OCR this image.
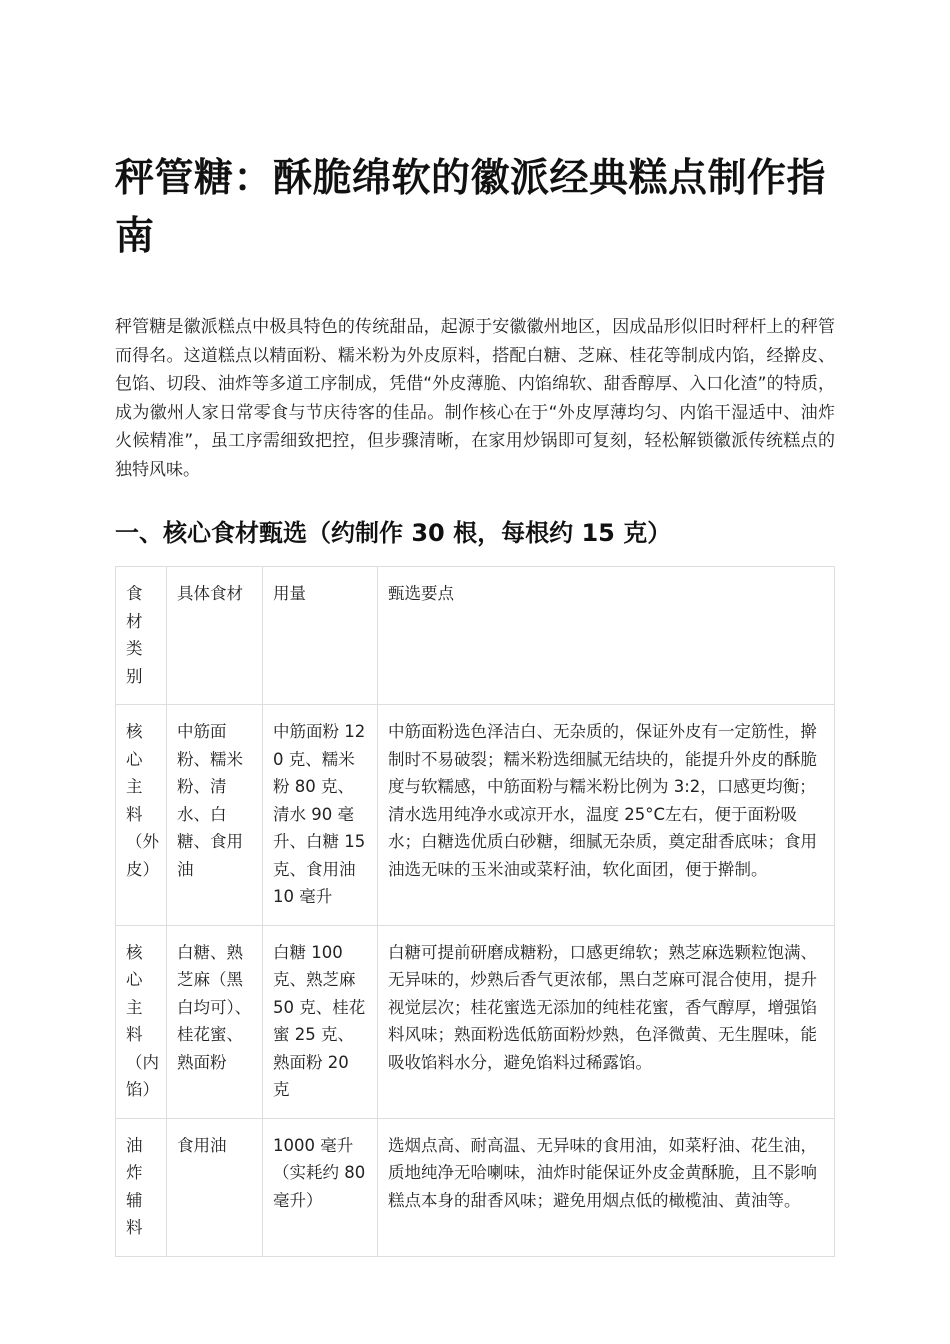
秤管糖：酥脆绵软的徽派经典糕点制作指南

秤管糖是徽派糕点中极具特色的传统甜品，起源于安徽徽州地区，因成品形似旧时秤杆上的秤管而得名。这道糕点以精面粉、糯米粉为外皮原料，搭配白糖、芝麻、桂花等制成内馅，经擀皮、包馅、切段、油炸等多道工序制成，凭借“外皮薄脆、内馅绵软、甜香醇厚、入口化渣”的特质，成为徽州人家日常零食与节庆待客的佳品。制作核心在于“外皮厚薄均匀、内馅干湿适中、油炸火候精准”，虽工序需细致把控，但步骤清晰，在家用炒锅即可复刻，轻松解锁徽派传统糕点的独特风味。

一、核心食材甄选（约制作 30 根，每根约 15 克）
食材类别	具体食材	用量	甄选要点
核心主料（外皮）	中筋面粉、糯米粉、清水、白糖、食用油	中筋面粉 120 克、糯米粉 80 克、清水 90 毫升、白糖 15 克、食用油 10 毫升	中筋面粉选色泽洁白、无杂质的，保证外皮有一定筋性，擀制时不易破裂；糯米粉选细腻无结块的，能提升外皮的酥脆度与软糯感，中筋面粉与糯米粉比例为 3:2，口感更均衡；清水选用纯净水或凉开水，温度 25°C左右，便于面粉吸水；白糖选优质白砂糖，细腻无杂质，奠定甜香底味；食用油选无味的玉米油或菜籽油，软化面团，便于擀制。
核心主料（内馅）	白糖、熟芝麻（黑白均可）、桂花蜜、熟面粉	白糖 100 克、熟芝麻 50 克、桂花蜜 25 克、熟面粉 20 克	白糖可提前研磨成糖粉，口感更绵软；熟芝麻选颗粒饱满、无异味的，炒熟后香气更浓郁，黑白芝麻可混合使用，提升视觉层次；桂花蜜选无添加的纯桂花蜜，香气醇厚，增强馅料风味；熟面粉选低筋面粉炒熟，色泽微黄、无生腥味，能吸收馅料水分，避免馅料过稀露馅。
油炸辅料	食用油	1000 毫升（实耗约 80 毫升）	选烟点高、耐高温、无异味的食用油，如菜籽油、花生油，质地纯净无哈喇味，油炸时能保证外皮金黄酥脆，且不影响糕点本身的甜香风味；避免用烟点低的橄榄油、黄油等。
